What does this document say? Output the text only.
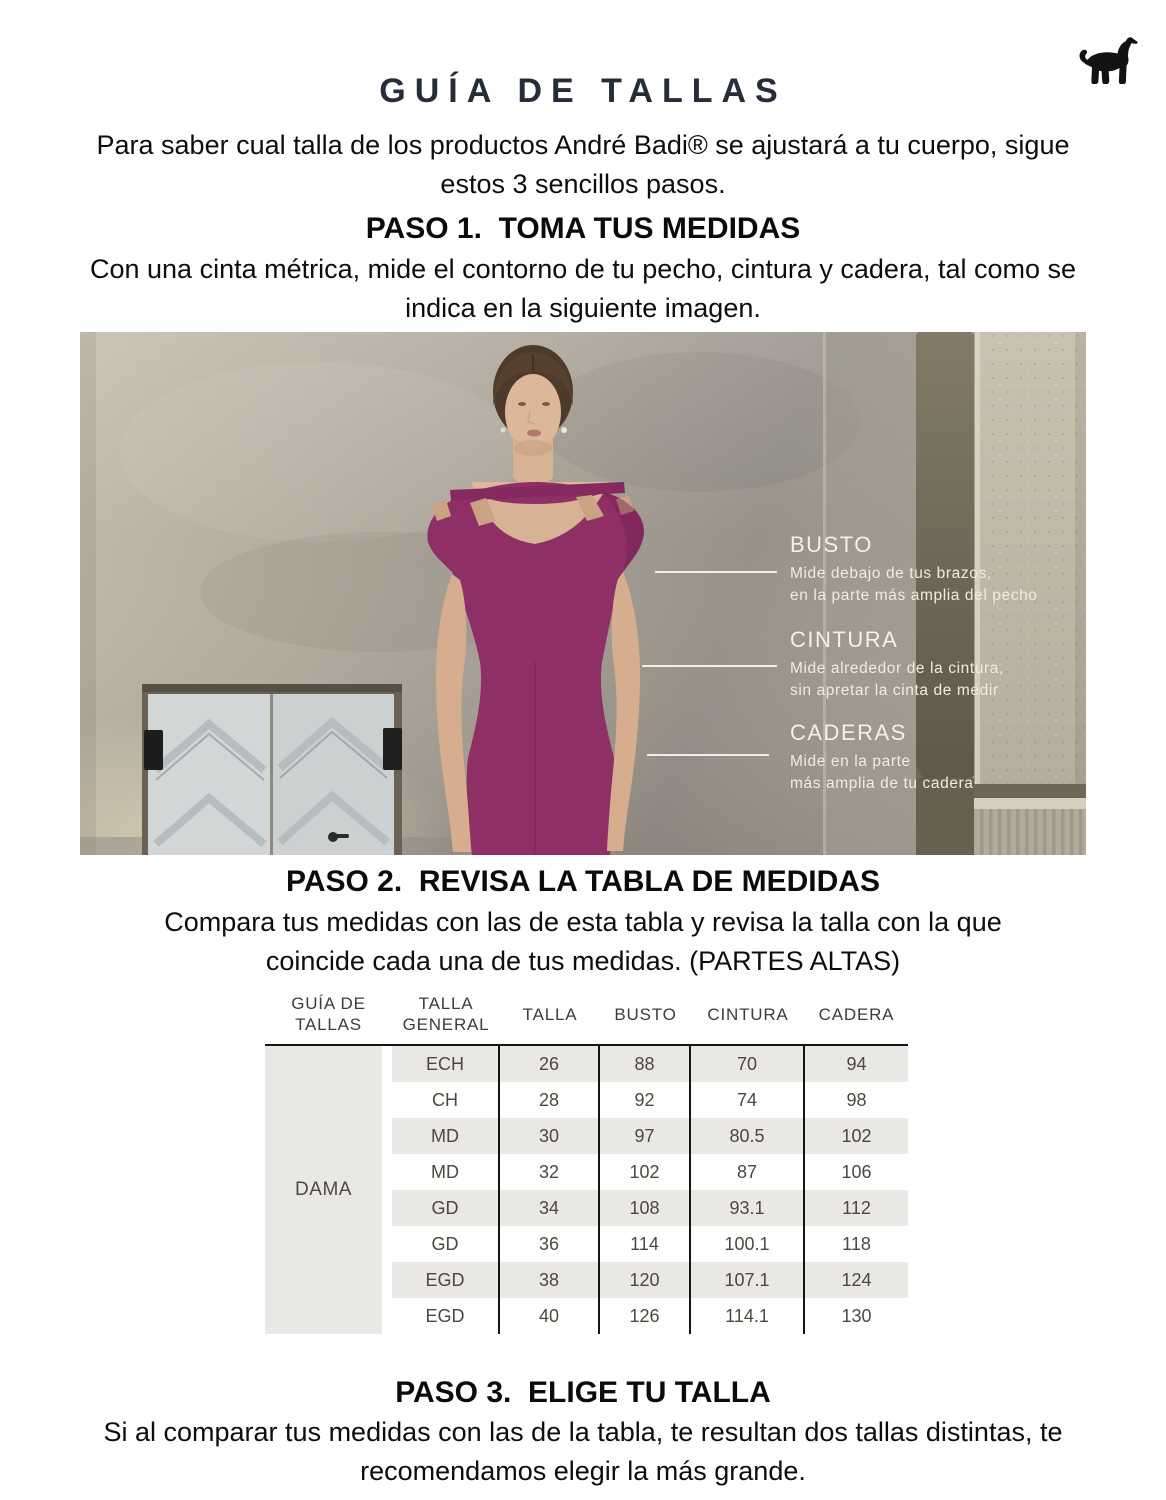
GUÍA DE TALLAS

Para saber cual talla de los productos André Badi® se ajustará a tu cuerpo, sigue estos 3 sencillos pasos.

PASO 1.  TOMA TUS MEDIDAS

Con una cinta métrica, mide el contorno de tu pecho, cintura y cadera, tal como se indica en la siguiente imagen.

BUSTO

Mide debajo de tus brazos,

en la parte más amplia del pecho

CINTURA

Mide alrededor de la cintura,

sin apretar la cinta de medir

CADERAS

Mide en la parte

más amplia de tu cadera

PASO 2.  REVISA LA TABLA DE MEDIDAS

Compara tus medidas con las de esta tabla y revisa la talla con la que coincide cada una de tus medidas. (PARTES ALTAS)

GUÍA DE TALLAS	TALLA GENERAL	TALLA	BUSTO	CINTURA	CADERA
DAMA	ECH	26	88	70	94
	CH	28	92	74	98
	MD	30	97	80.5	102
	MD	32	102	87	106
	GD	34	108	93.1	112
	GD	36	114	100.1	118
	EGD	38	120	107.1	124
	EGD	40	126	114.1	130
PASO 3.  ELIGE TU TALLA

Si al comparar tus medidas con las de la tabla, te resultan dos tallas distintas, te recomendamos elegir la más grande.
